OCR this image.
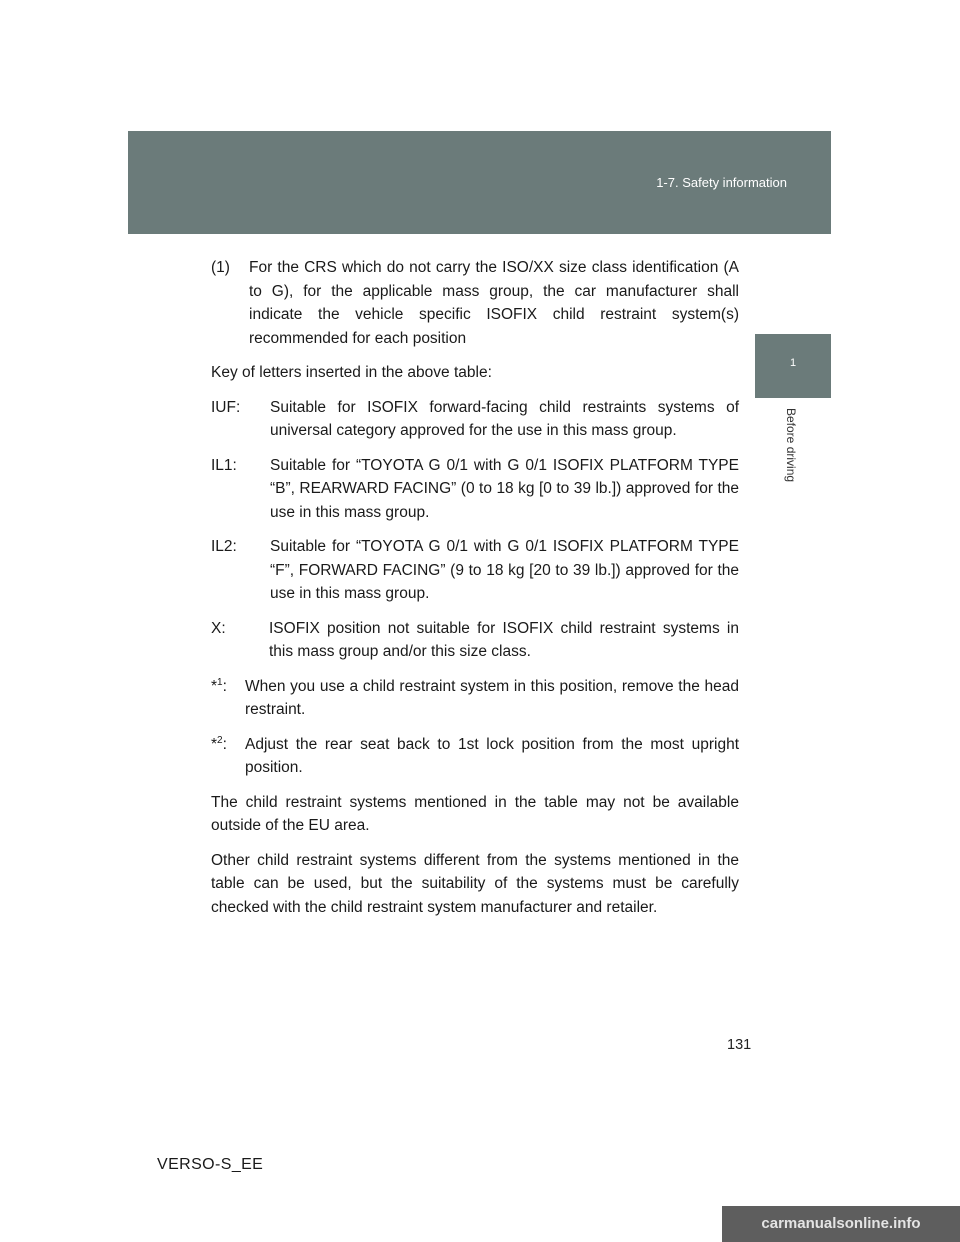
1-7. Safety information
1
Before driving
(1)	For the CRS which do not carry the ISO/XX size class identification (A to G), for the applicable mass group, the car manufacturer shall indicate the vehicle specific ISOFIX child restraint system(s) recommended for each position

Key of letters inserted in the above table:

IUF:	Suitable for ISOFIX forward-facing child restraints systems of universal category approved for the use in this mass group.
IL1:	Suitable for “TOYOTA G 0/1 with G 0/1 ISOFIX PLATFORM TYPE “B”, REARWARD FACING” (0 to 18 kg [0 to 39 lb.]) approved for the use in this mass group.
IL2:	Suitable for “TOYOTA G 0/1 with G 0/1 ISOFIX PLATFORM TYPE “F”, FORWARD FACING” (9 to 18 kg [20 to 39 lb.]) approved for the use in this mass group.
X:	ISOFIX position not suitable for ISOFIX child restraint systems in this mass group and/or this size class.
*$^1$:	When you use a child restraint system in this position, remove the head restraint.
*$^2$:	Adjust the rear seat back to 1st lock position from the most upright position.

The child restraint systems mentioned in the table may not be available outside of the EU area.

Other child restraint systems different from the systems mentioned in the table can be used, but the suitability of the systems must be carefully checked with the child restraint system manufacturer and retailer.

131
VERSO-S_EE
carmanualsonline.info
